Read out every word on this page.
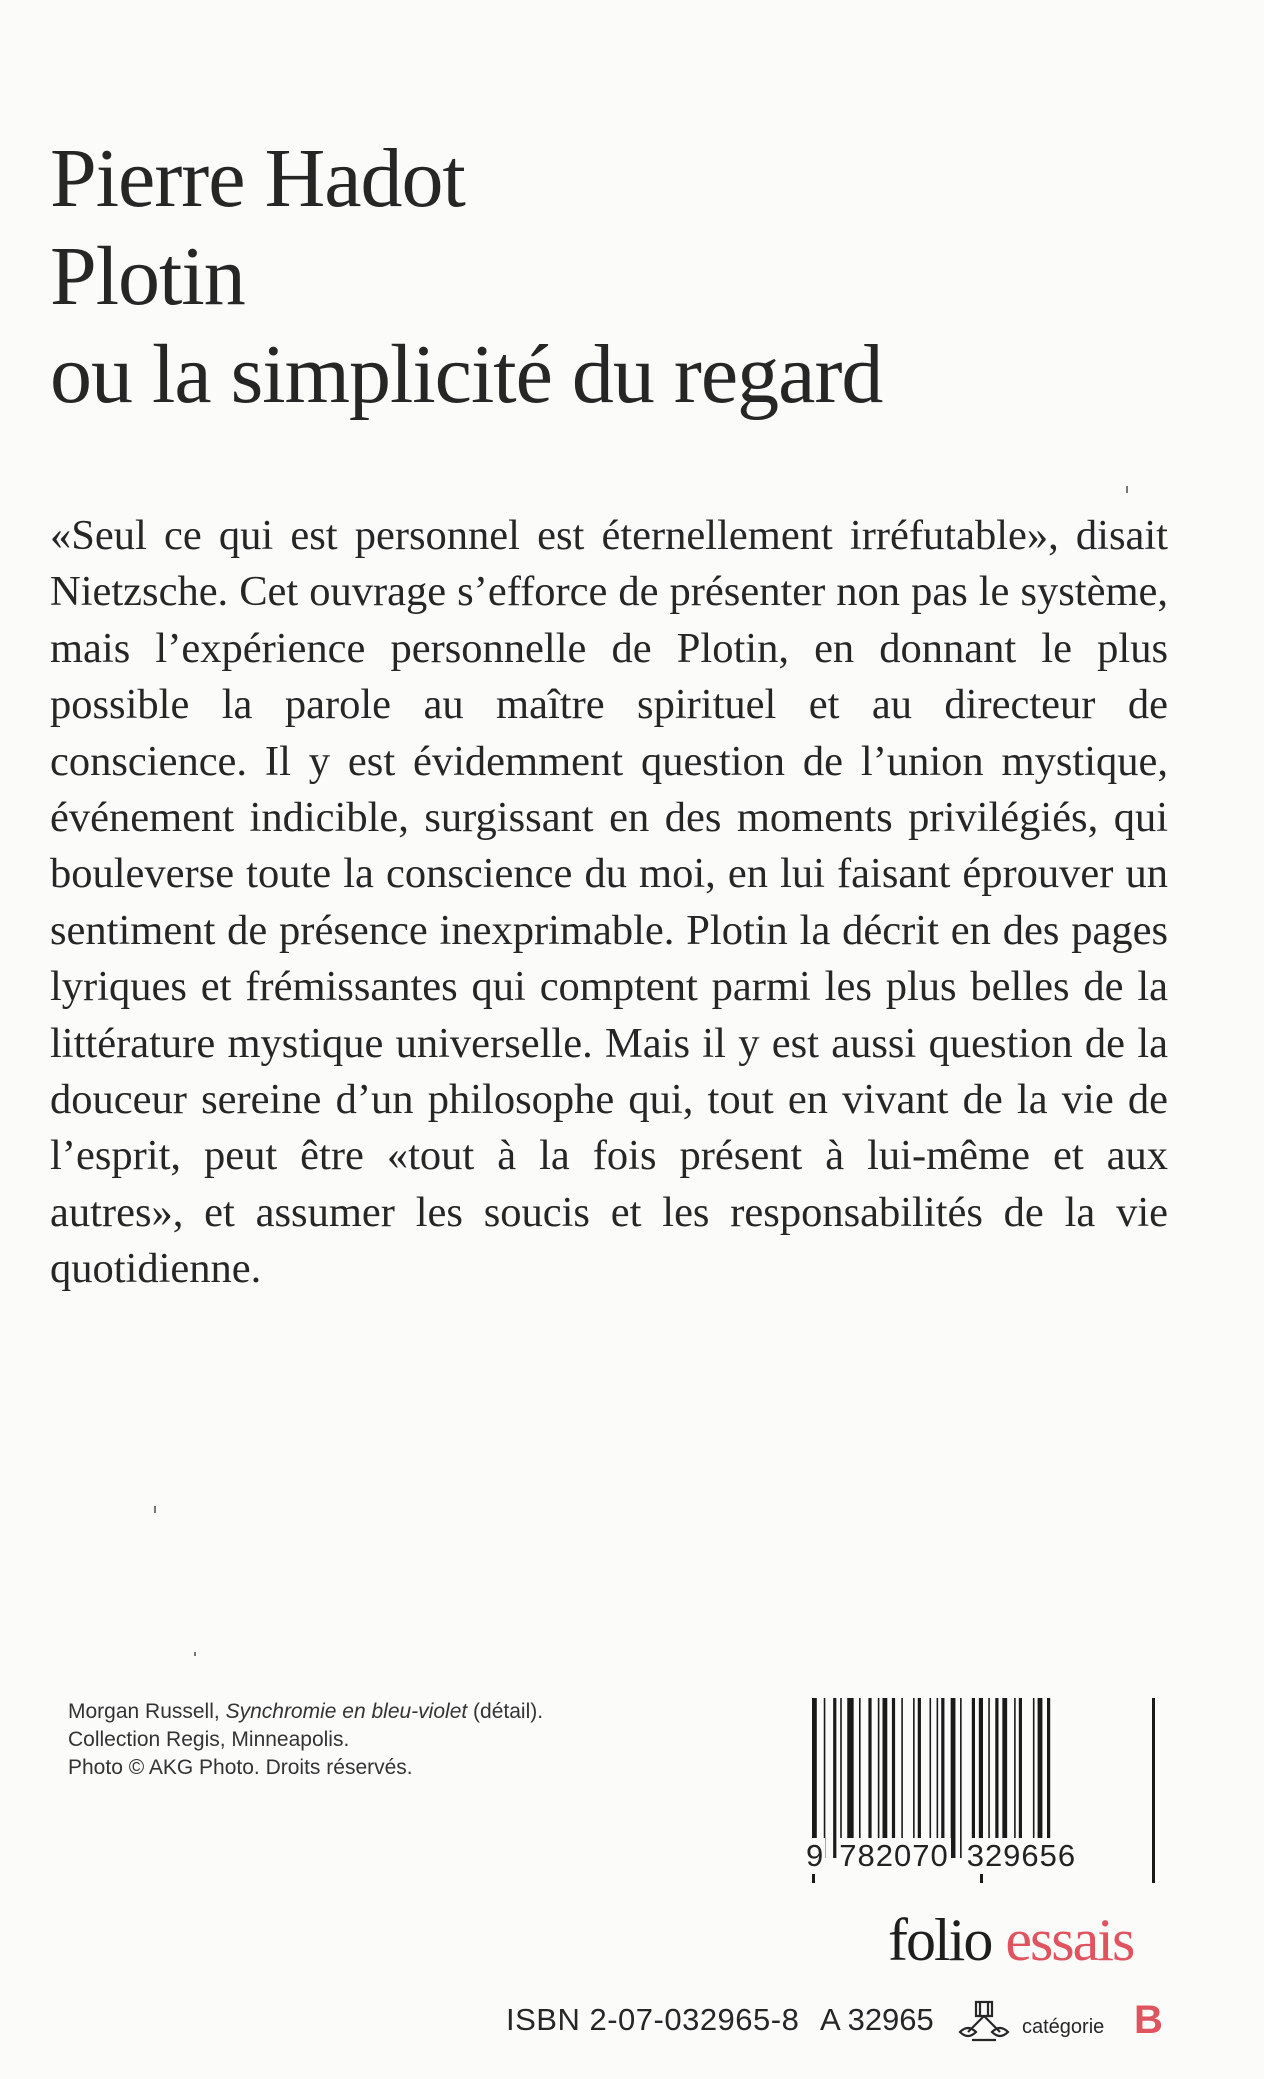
Pierre Hadot
Plotin
ou la simplicité du regard
«Seul ce qui est personnel est éternellement irréfutable», disait Nietzsche. Cet ouvrage s’efforce de présenter non pas le système, mais l’expérience personnelle de Plotin, en donnant le plus possible la parole au maître spirituel et au directeur de conscience. Il y est évidemment question de l’union mystique, événement indicible, surgissant en des moments privilégiés, qui bouleverse toute la conscience du moi, en lui faisant éprouver un sentiment de présence inexprimable. Plotin la décrit en des pages lyriques et frémissantes qui comptent parmi les plus belles de la littérature mystique universelle. Mais il y est aussi question de la douceur sereine d’un philosophe qui, tout en vivant de la vie de l’esprit, peut être «tout à la fois présent à lui-même et aux autres», et assumer les soucis et les responsabilités de la vie quotidienne.
Morgan Russell, Synchromie en bleu-violet (détail).
Collection Regis, Minneapolis.
Photo © AKG Photo. Droits réservés.
9 782070 329656
folio essais
ISBN 2-07-032965-8 A 32965	catégorie B
